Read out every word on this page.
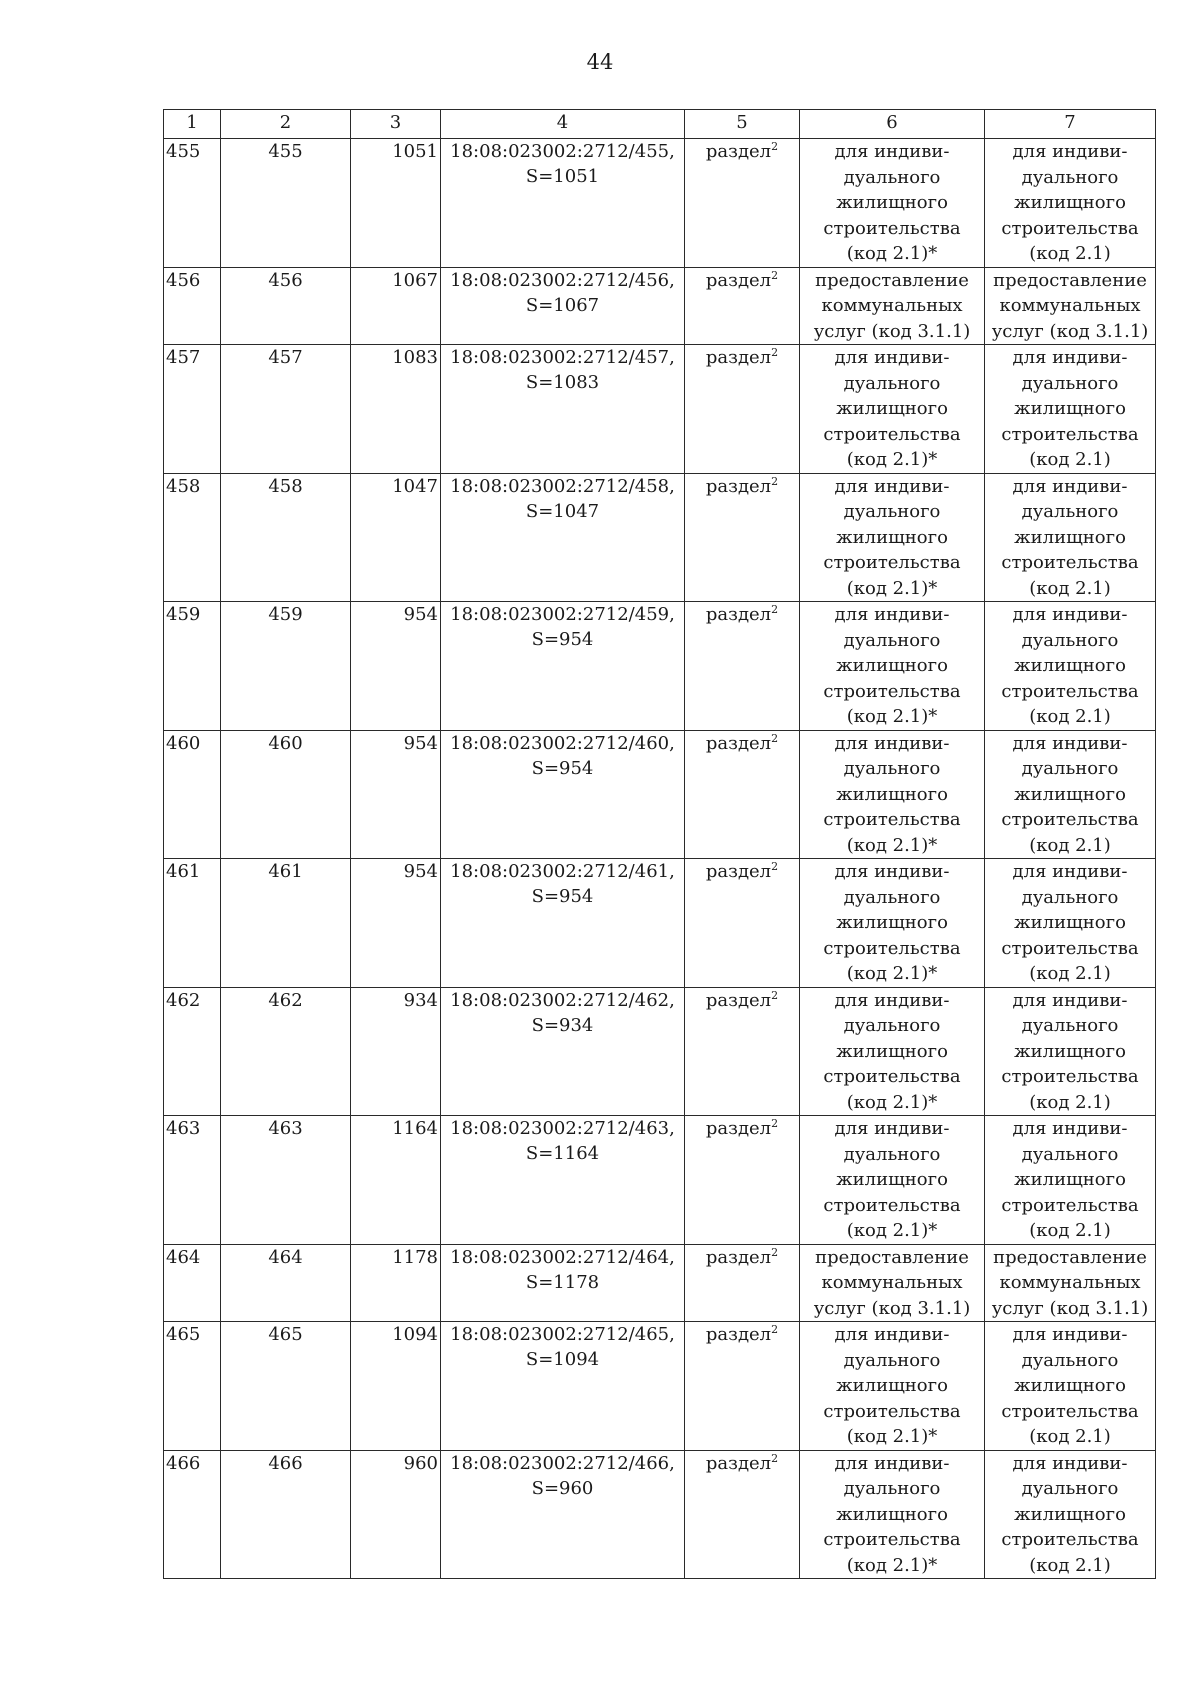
44
1	2	3	4	5	6	7
455	455	1051	18:08:023002:2712/455,
S=1051	раздел$^2$	для индиви-
дуального
жилищного
строительства
(код 2.1)*	для индиви-
дуального
жилищного
строительства
(код 2.1)

456	456	1067	18:08:023002:2712/456,
S=1067	раздел$^2$	предоставление
коммунальных
услуг (код 3.1.1)	предоставление
коммунальных
услуг (код 3.1.1)

457	457	1083	18:08:023002:2712/457,
S=1083	раздел$^2$	для индиви-
дуального
жилищного
строительства
(код 2.1)*	для индиви-
дуального
жилищного
строительства
(код 2.1)

458	458	1047	18:08:023002:2712/458,
S=1047	раздел$^2$	для индиви-
дуального
жилищного
строительства
(код 2.1)*	для индиви-
дуального
жилищного
строительства
(код 2.1)

459	459	954	18:08:023002:2712/459,
S=954	раздел$^2$	для индиви-
дуального
жилищного
строительства
(код 2.1)*	для индиви-
дуального
жилищного
строительства
(код 2.1)

460	460	954	18:08:023002:2712/460,
S=954	раздел$^2$	для индиви-
дуального
жилищного
строительства
(код 2.1)*	для индиви-
дуального
жилищного
строительства
(код 2.1)

461	461	954	18:08:023002:2712/461,
S=954	раздел$^2$	для индиви-
дуального
жилищного
строительства
(код 2.1)*	для индиви-
дуального
жилищного
строительства
(код 2.1)

462	462	934	18:08:023002:2712/462,
S=934	раздел$^2$	для индиви-
дуального
жилищного
строительства
(код 2.1)*	для индиви-
дуального
жилищного
строительства
(код 2.1)

463	463	1164	18:08:023002:2712/463,
S=1164	раздел$^2$	для индиви-
дуального
жилищного
строительства
(код 2.1)*	для индиви-
дуального
жилищного
строительства
(код 2.1)

464	464	1178	18:08:023002:2712/464,
S=1178	раздел$^2$	предоставление
коммунальных
услуг (код 3.1.1)	предоставление
коммунальных
услуг (код 3.1.1)

465	465	1094	18:08:023002:2712/465,
S=1094	раздел$^2$	для индиви-
дуального
жилищного
строительства
(код 2.1)*	для индиви-
дуального
жилищного
строительства
(код 2.1)

466	466	960	18:08:023002:2712/466,
S=960	раздел$^2$	для индиви-
дуального
жилищного
строительства
(код 2.1)*	для индиви-
дуального
жилищного
строительства
(код 2.1)
